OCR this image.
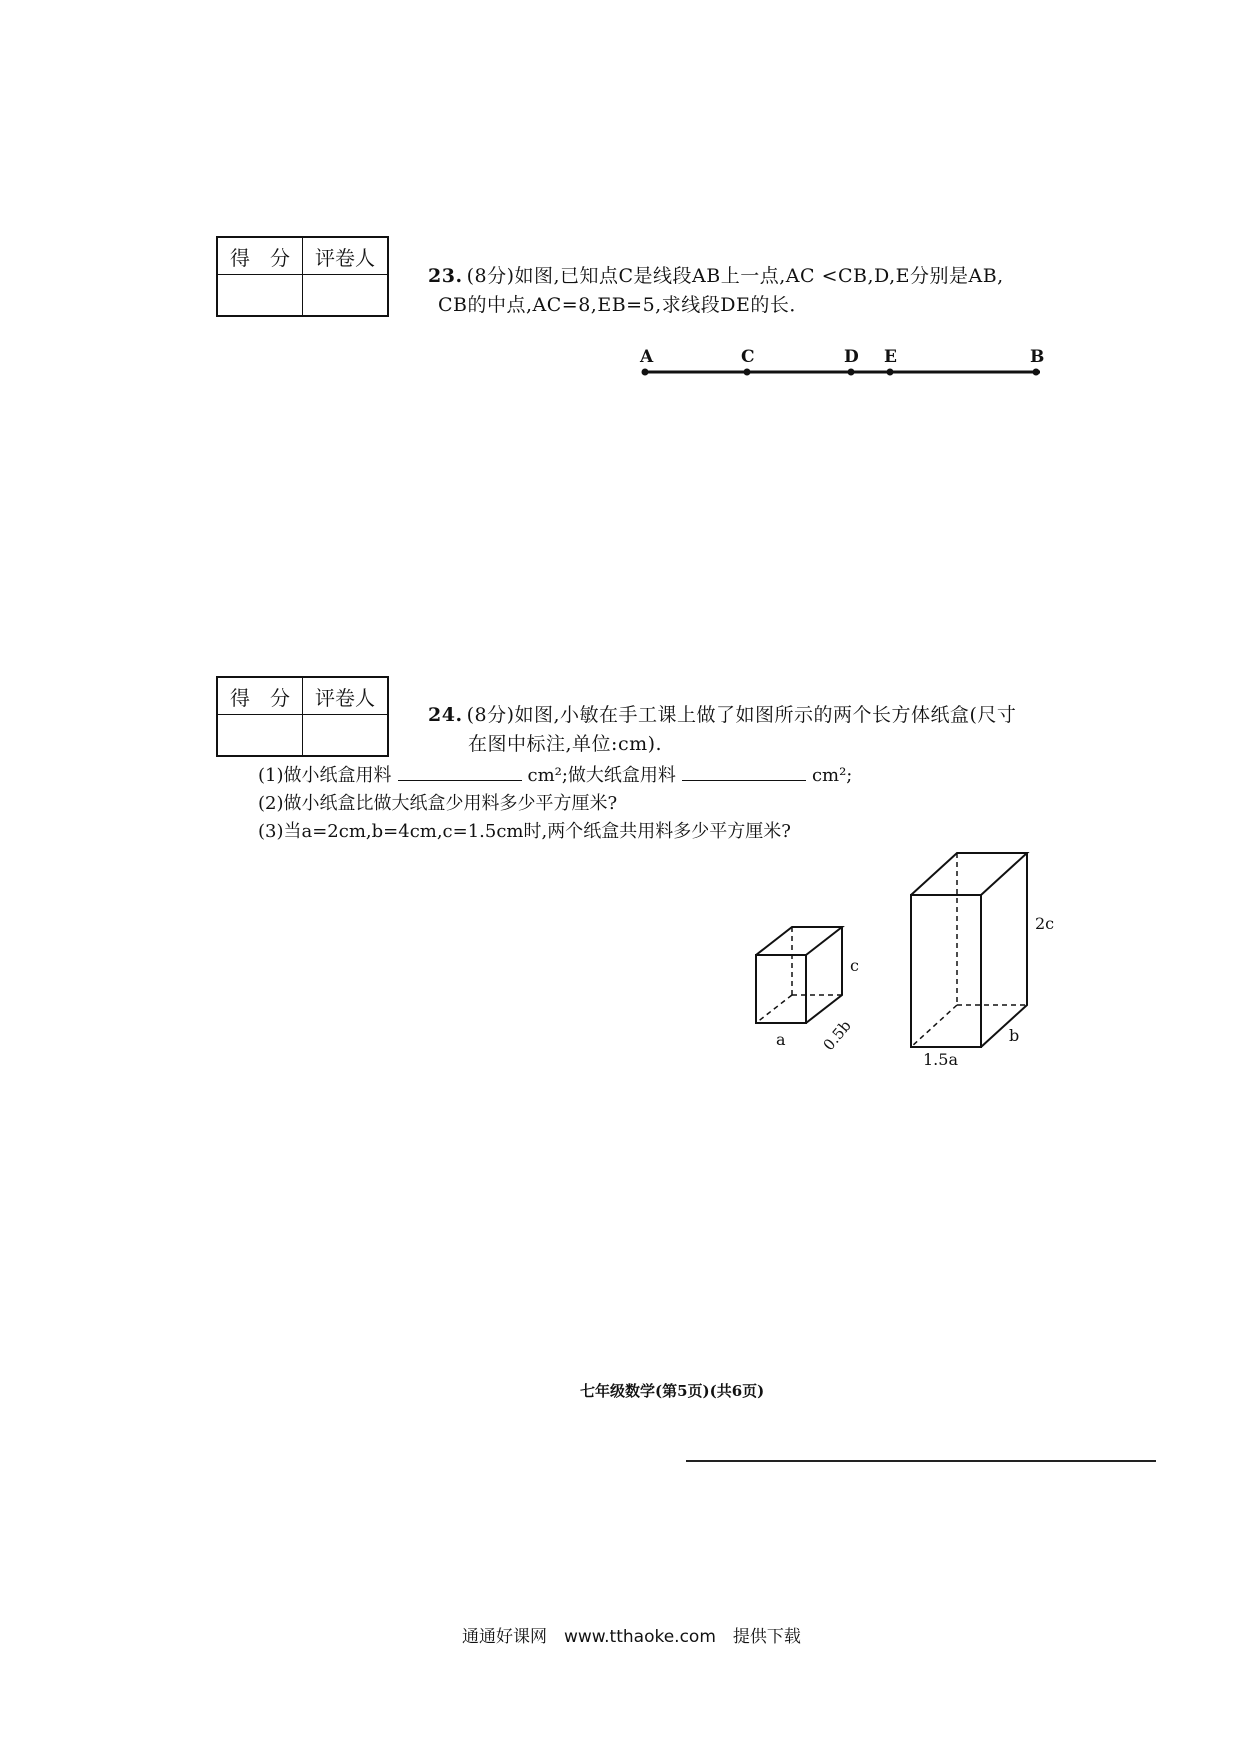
得　分	评卷人

23. (8分)如图,已知点C是线段AB上一点,AC <CB,D,E分别是AB,
CB的中点,AC=8,EB=5,求线段DE的长．
A	C	D E	B
得　分	评卷人

24. (8分)如图,小敏在手工课上做了如图所示的两个长方体纸盒(尺寸
在图中标注,单位:cm).
(1)做小纸盒用料	cm²;做大纸盒用料	cm²;
(2)做小纸盒比做大纸盒少用料多少平方厘米?
(3)当a=2cm,b=4cm,c=1.5cm时,两个纸盒共用料多少平方厘米?
c
a 0.5b
2c
b
1.5a
七年级数学(第5页)(共6页)
通通好课网　www.tthaoke.com　提供下载
